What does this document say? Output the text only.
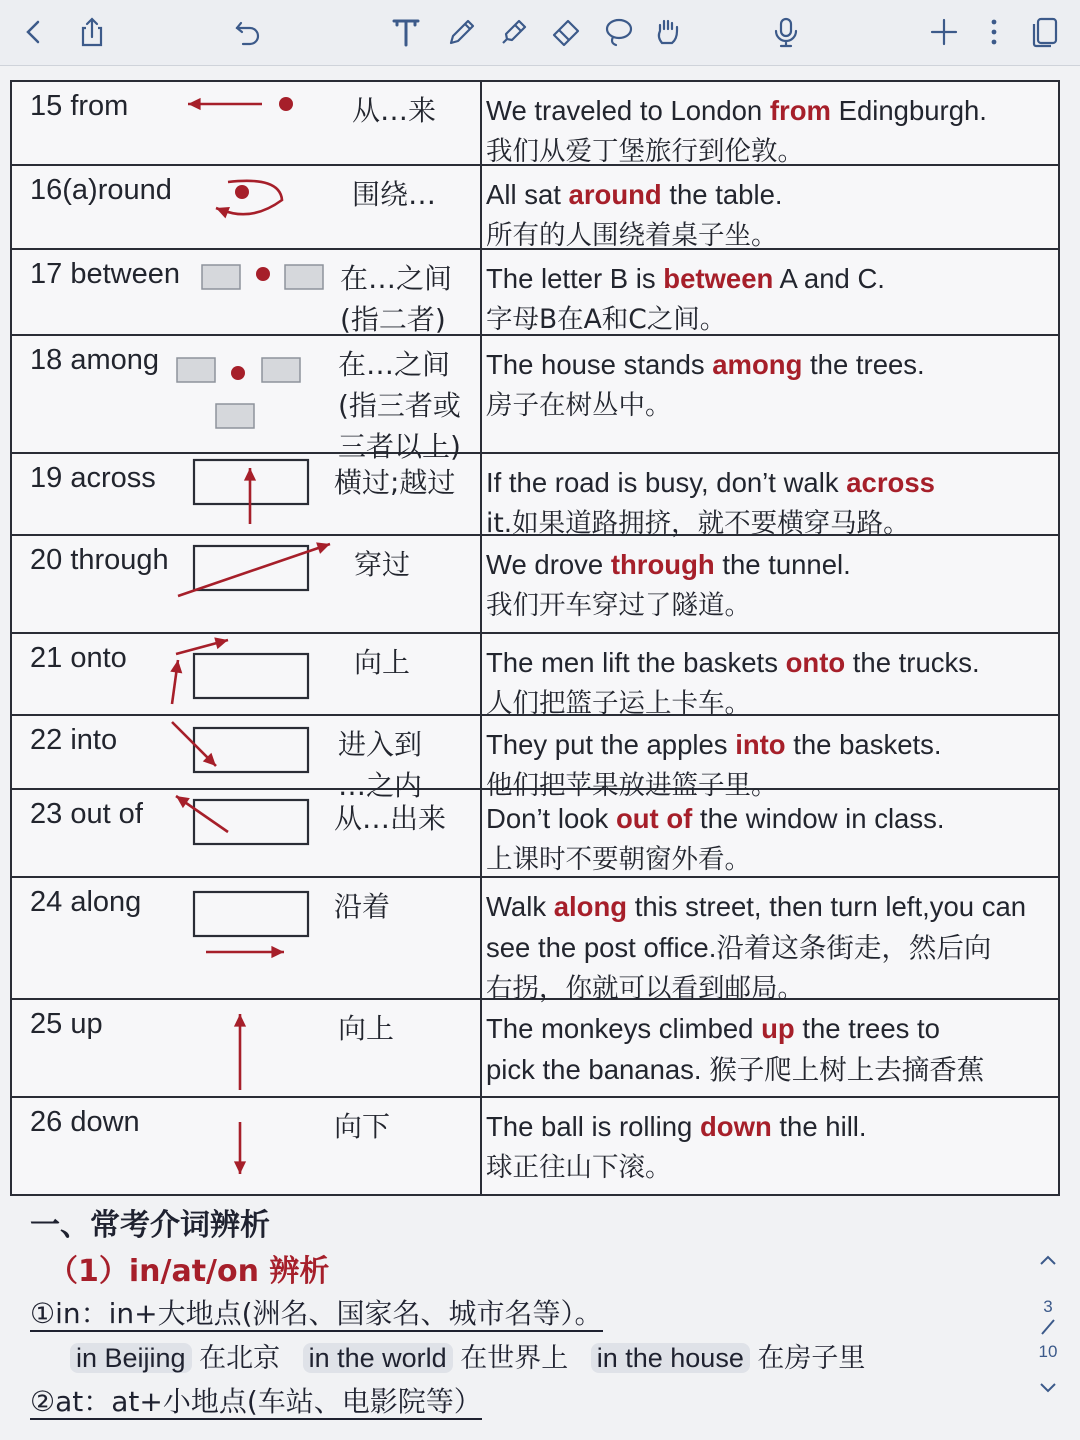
15 from	从…来 We traveled to London from Edingburgh.
我们从爱丁堡旅行到伦敦。
16(a)round	围绕… All sat around the table.
所有的人围绕着桌子坐。
17 between	在…之间
(指二者)
The letter B is between A and C.
字母B在A和C之间。
18 among	在…之间
(指三者或
三者以上)
The house stands among the trees.
房子在树丛中。
19 across	横过;越过 If the road is busy, don’t walk across
it.如果道路拥挤，就不要横穿马路。
20 through	穿过	We drove through the tunnel.
我们开车穿过了隧道。
21 onto	向上	The men lift the baskets onto the trucks.
人们把篮子运上卡车。
22 into	进入到
…之内
They put the apples into the baskets.
他们把苹果放进篮子里。
23 out of	从…出来 Don’t look out of the window in class.
上课时不要朝窗外看。
24 along	沿着	Walk along this street, then turn left,you can
see the post office.沿着这条街走，然后向
右拐，你就可以看到邮局。
25 up	向上	The monkeys climbed up the trees to
pick the bananas. 猴子爬上树上去摘香蕉
26 down	向下	The ball is rolling down the hill.
球正往山下滚。
一、常考介词辨析
（1）in/at/on 辨析
①in：in+大地点(洲名、国家名、城市名等）。
in Beijing 在北京 in the world 在世界上 in the house 在房子里
②at：at+小地点(车站、电影院等）
3
10
